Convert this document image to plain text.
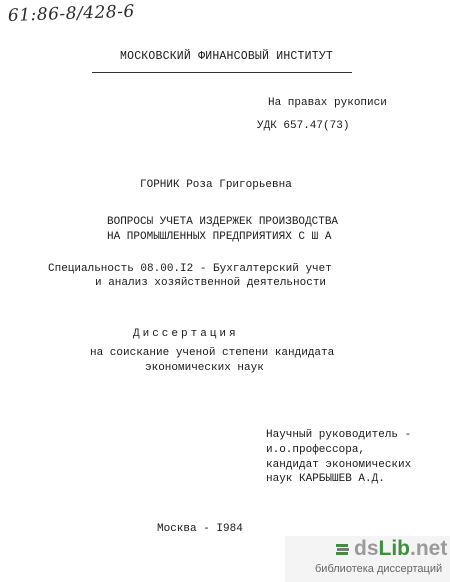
61:86-8/428-6
МОСКОВСКИЙ ФИНАНСОВЫЙ ИНСТИТУТ
На правах рукописи
УДК 657.47(73)
ГОРНИК Роза Григорьевна
ВОПРОСЫ УЧЕТА ИЗДЕРЖЕК ПРОИЗВОДСТВА
НА ПРОМЫШЛЕННЫХ ПРЕДПРИЯТИЯХ С Ш А
Специальность 08.00.I2 - Бухгалтерский учет
и анализ хозяйственной деятельности
Диссертация
на соискание ученой степени кандидата
экономических наук
Научный руководитель -
и.о.профессора,
кандидат экономических
наук КАРБЫШЕВ А.Д.
Москва - I984
dsLib.net
библиотека диссертаций
